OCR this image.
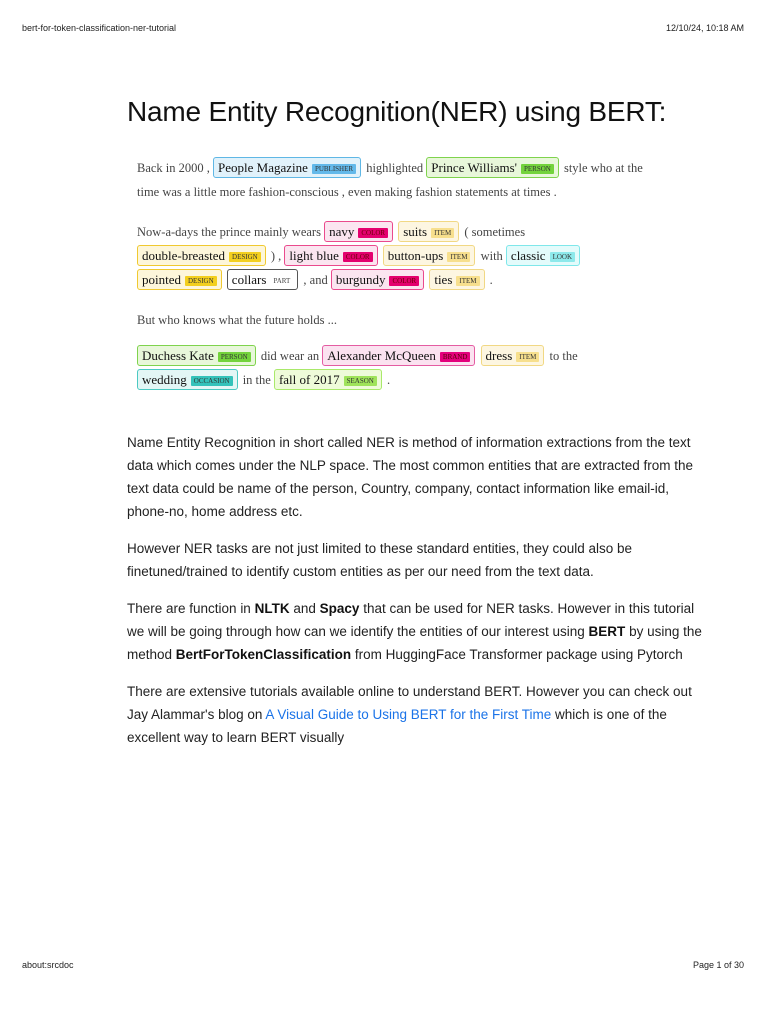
bert-for-token-classification-ner-tutorial	12/10/24, 10:18 AM
Name Entity Recognition(NER) using BERT:

Back in 2000 , People Magazine PUBLISHER highlighted Prince Williams' PERSON style who at the time was a little more fashion-conscious , even making fashion statements at times .

Now-a-days the prince mainly wears navy COLOR suits ITEM ( sometimes double-breasted DESIGN ) , light blue COLOR button-ups ITEM with classic LOOK pointed DESIGN collars PART , and burgundy COLOR ties ITEM .

But who knows what the future holds ...

Duchess Kate PERSON did wear an Alexander McQueen BRAND dress ITEM to the wedding OCCASION in the fall of 2017 SEASON .

Name Entity Recognition in short called NER is method of information extractions from the text data which comes under the NLP space. The most common entities that are extracted from the text data could be name of the person, Country, company, contact information like email-id, phone-no, home address etc.

However NER tasks are not just limited to these standard entities, they could also be finetuned/trained to identify custom entities as per our need from the text data.

There are function in NLTK and Spacy that can be used for NER tasks. However in this tutorial we will be going through how can we identify the entities of our interest using BERT by using the method BertForTokenClassification from HuggingFace Transformer package using Pytorch

There are extensive tutorials available online to understand BERT. However you can check out Jay Alammar's blog on A Visual Guide to Using BERT for the First Time which is one of the excellent way to learn BERT visually

about:srcdoc	Page 1 of 30
